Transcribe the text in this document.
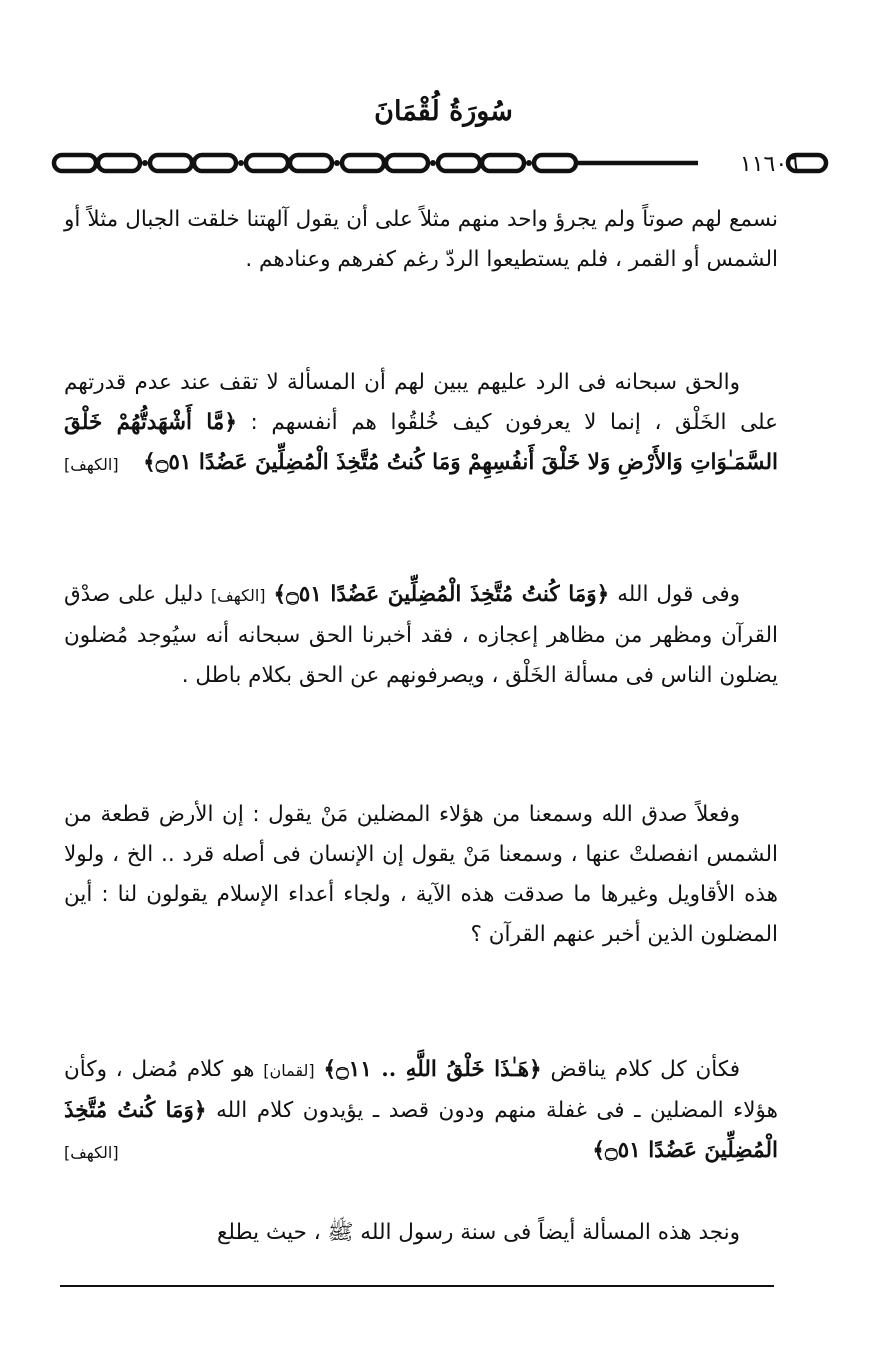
سُورَةُ لُقْمَانَ
١١٦٠٦

نسمع لهم صوتاً ولم يجرؤ واحد منهم مثلاً على أن يقول آلهتنا خلقت الجبال مثلاً أو الشمس أو القمر ، فلم يستطيعوا الردّ رغم كفرهم وعنادهم .

والحق سبحانه فى الرد عليهم يبين لهم أن المسألة لا تقف عند عدم قدرتهم على الخَلْق ، إنما لا يعرفون كيف خُلقُوا هم أنفسهم : ﴿مَّا أَشْهَدتُّهُمْ خَلْقَ السَّمَـٰوَاتِ وَالأَرْضِ وَلا خَلْقَ أَنفُسِهِمْ وَمَا كُنتُ مُتَّخِذَ الْمُضِلِّينَ عَضُدًا ۝٥١﴾
[الكهف]

وفى قول الله ﴿وَمَا كُنتُ مُتَّخِذَ الْمُضِلِّينَ عَضُدًا ۝٥١﴾ [الكهف] دليل على صدْق القرآن ومظهر من مظاهر إعجازه ، فقد أخبرنا الحق سبحانه أنه سيُوجد مُضلون يضلون الناس فى مسألة الخَلْق ، ويصرفونهم عن الحق بكلام باطل .

وفعلاً صدق الله وسمعنا من هؤلاء المضلين مَنْ يقول : إن الأرض قطعة من الشمس انفصلتْ عنها ، وسمعنا مَنْ يقول إن الإنسان فى أصله قرد .. الخ ، ولولا هذه الأقاويل وغيرها ما صدقت هذه الآية ، ولجاء أعداء الإسلام يقولون لنا : أين المضلون الذين أخبر عنهم القرآن ؟

فكأن كل كلام يناقض ﴿هَـٰذَا خَلْقُ اللَّهِ .. ۝١١﴾ [لقمان] هو كلام مُضل ، وكأن هؤلاء المضلين ـ فى غفلة منهم ودون قصد ـ يؤيدون كلام الله ﴿وَمَا كُنتُ مُتَّخِذَ الْمُضِلِّينَ عَضُدًا ۝٥١﴾
[الكهف]

ونجد هذه المسألة أيضاً فى سنة رسول الله ﷺ ، حيث يطلع
